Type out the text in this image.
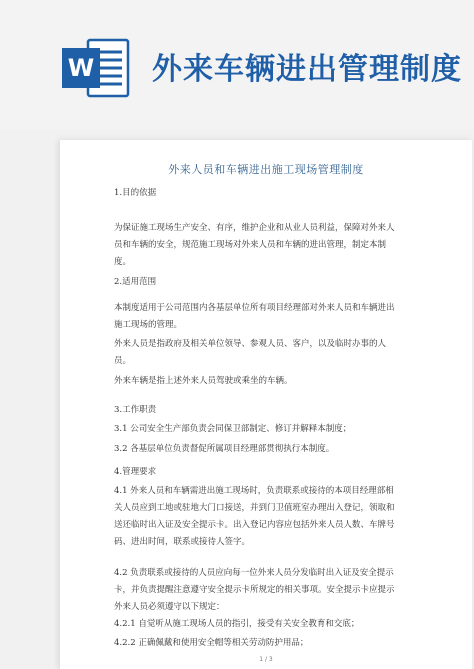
W 外来车辆进出管理制度
外来人员和车辆进出施工现场管理制度
1.目的依据
为保证施工现场生产安全、有序，维护企业和从业人员利益，保障对外来人员和车辆的安全，规范施工现场对外来人员和车辆的进出管理，制定本制度。
2.适用范围
本制度适用于公司范围内各基层单位所有项目经理部对外来人员和车辆进出施工现场的管理。
外来人员是指政府及相关单位领导、参观人员、客户，以及临时办事的人员。
外来车辆是指上述外来人员驾驶或乘坐的车辆。
3.工作职责
3.1 公司安全生产部负责会同保卫部制定、修订并解释本制度；
3.2 各基层单位负责督促所属项目经理部贯彻执行本制度。
4.管理要求
4.1 外来人员和车辆需进出施工现场时，负责联系或接待的本项目经理部相关人员应到工地或驻地大门口接送，并到门卫值班室办理出入登记，领取和送还临时出入证及安全提示卡。出入登记内容应包括外来人员人数、车牌号码、进出时间，联系或接待人签字。
4.2 负责联系或接待的人员应向每一位外来人员分发临时出入证及安全提示卡，并负责提醒注意遵守安全提示卡所规定的相关事项。安全提示卡应提示外来人员必须遵守以下规定：
4.2.1 自觉听从施工现场人员的指引，接受有关安全教育和交底；
4.2.2 正确佩戴和使用安全帽等相关劳动防护用品；
1 / 3
